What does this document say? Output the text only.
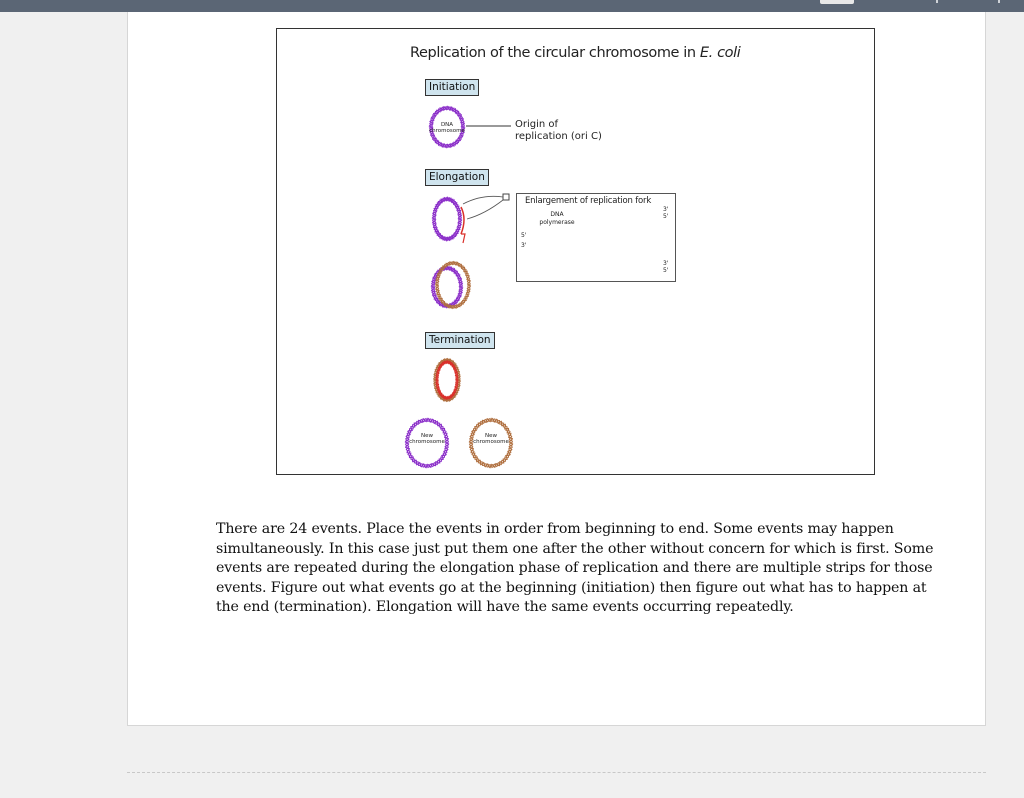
Replication of the circular chromosome in E. coli
Initiation
Elongation
Termination
DNA
chromosome
Origin of
replication (ori C)
Enlargement of replication fork
DNA
polymerase
5'
3'
3'
5'
3'
5'
New
chromosome
New
chromosome
There are 24 events. Place the events in order from beginning to end. Some events may happen simultaneously. In this case just put them one after the other without concern for which is first. Some events are repeated during the elongation phase of replication and there are multiple strips for those events. Figure out what events go at the beginning (initiation) then figure out what has to happen at the end (termination). Elongation will have the same events occurring repeatedly.
